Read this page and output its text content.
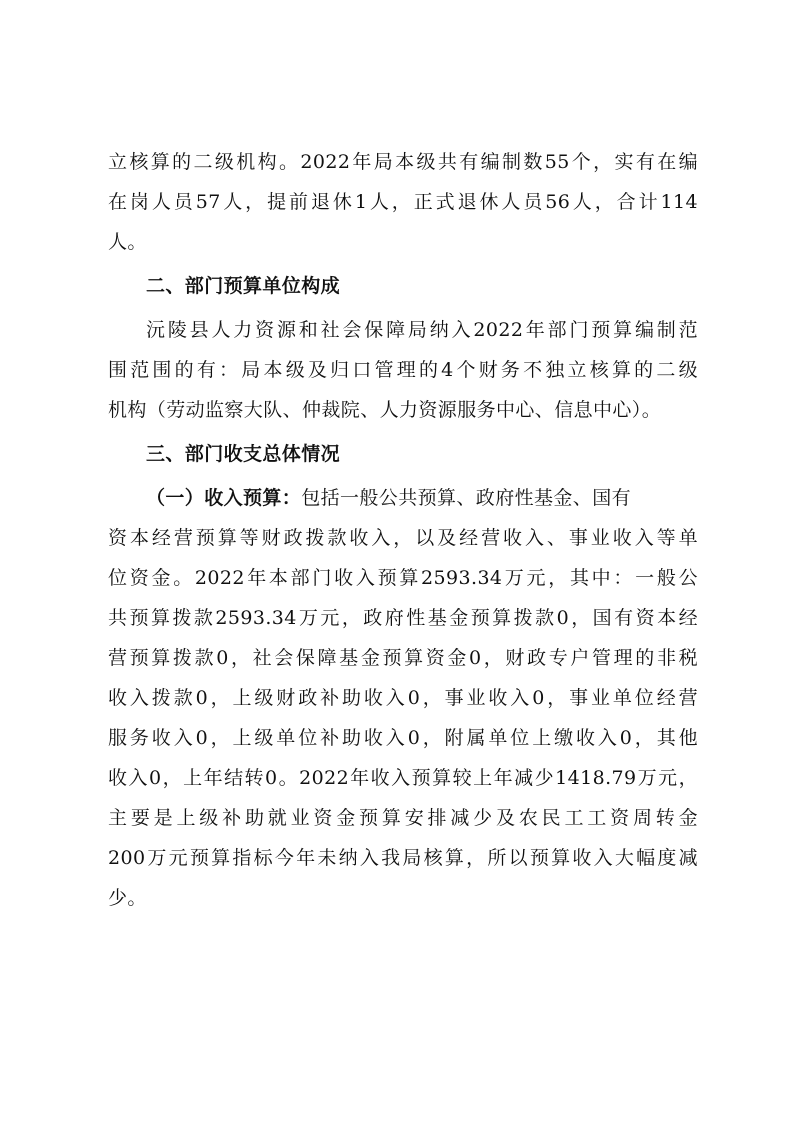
立核算的二级机构。2022年局本级共有编制数55个，实有在编
在岗人员57人，提前退休1人，正式退休人员56人，合计114
人。
二、部门预算单位构成
沅陵县人力资源和社会保障局纳入2022年部门预算编制范
围范围的有：局本级及归口管理的4个财务不独立核算的二级
机构（劳动监察大队、仲裁院、人力资源服务中心、信息中心）。
三、部门收支总体情况
（一）收入预算：包括一般公共预算、政府性基金、国有
资本经营预算等财政拨款收入，以及经营收入、事业收入等单
位资金。2022年本部门收入预算2593.34万元，其中：一般公
共预算拨款2593.34万元，政府性基金预算拨款0，国有资本经
营预算拨款0，社会保障基金预算资金0，财政专户管理的非税
收入拨款0，上级财政补助收入0，事业收入0，事业单位经营
服务收入0，上级单位补助收入0，附属单位上缴收入0，其他
收入0，上年结转0。2022年收入预算较上年减少1418.79万元，
主要是上级补助就业资金预算安排减少及农民工工资周转金
200万元预算指标今年未纳入我局核算，所以预算收入大幅度减
少。
